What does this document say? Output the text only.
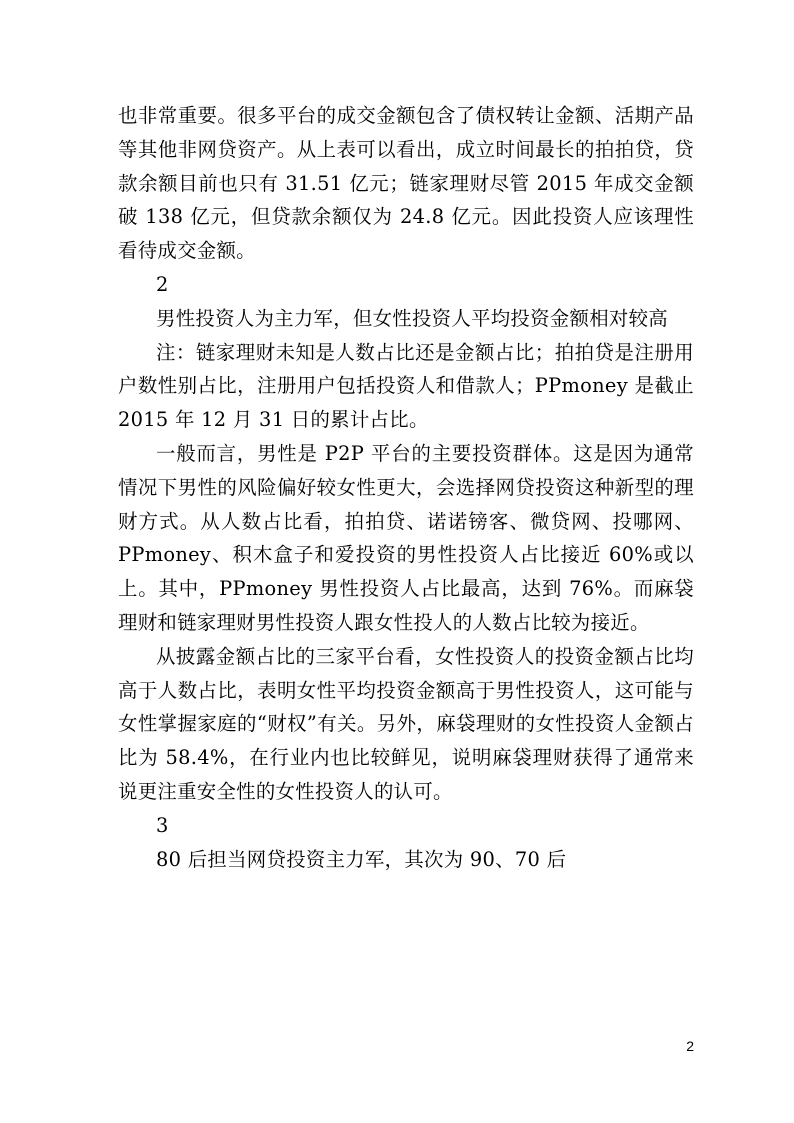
也非常重要。很多平台的成交金额包含了债权转让金额、活期产品等其他非网贷资产。从上表可以看出，成立时间最长的拍拍贷，贷款余额目前也只有 31.51 亿元；链家理财尽管 2015 年成交金额破 138 亿元，但贷款余额仅为 24.8 亿元。因此投资人应该理性看待成交金额。

2

男性投资人为主力军，但女性投资人平均投资金额相对较高

注：链家理财未知是人数占比还是金额占比；拍拍贷是注册用户数性别占比，注册用户包括投资人和借款人；PPmoney 是截止 2015 年 12 月 31 日的累计占比。

一般而言，男性是 P2P 平台的主要投资群体。这是因为通常情况下男性的风险偏好较女性更大，会选择网贷投资这种新型的理财方式。从人数占比看，拍拍贷、诺诺镑客、微贷网、投哪网、PPmoney、积木盒子和爱投资的男性投资人占比接近 60%或以上。其中，PPmoney 男性投资人占比最高，达到 76%。而麻袋理财和链家理财男性投资人跟女性投人的人数占比较为接近。

从披露金额占比的三家平台看，女性投资人的投资金额占比均高于人数占比，表明女性平均投资金额高于男性投资人，这可能与女性掌握家庭的“财权”有关。另外，麻袋理财的女性投资人金额占比为 58.4%，在行业内也比较鲜见，说明麻袋理财获得了通常来说更注重安全性的女性投资人的认可。

3

80 后担当网贷投资主力军，其次为 90、70 后

2
